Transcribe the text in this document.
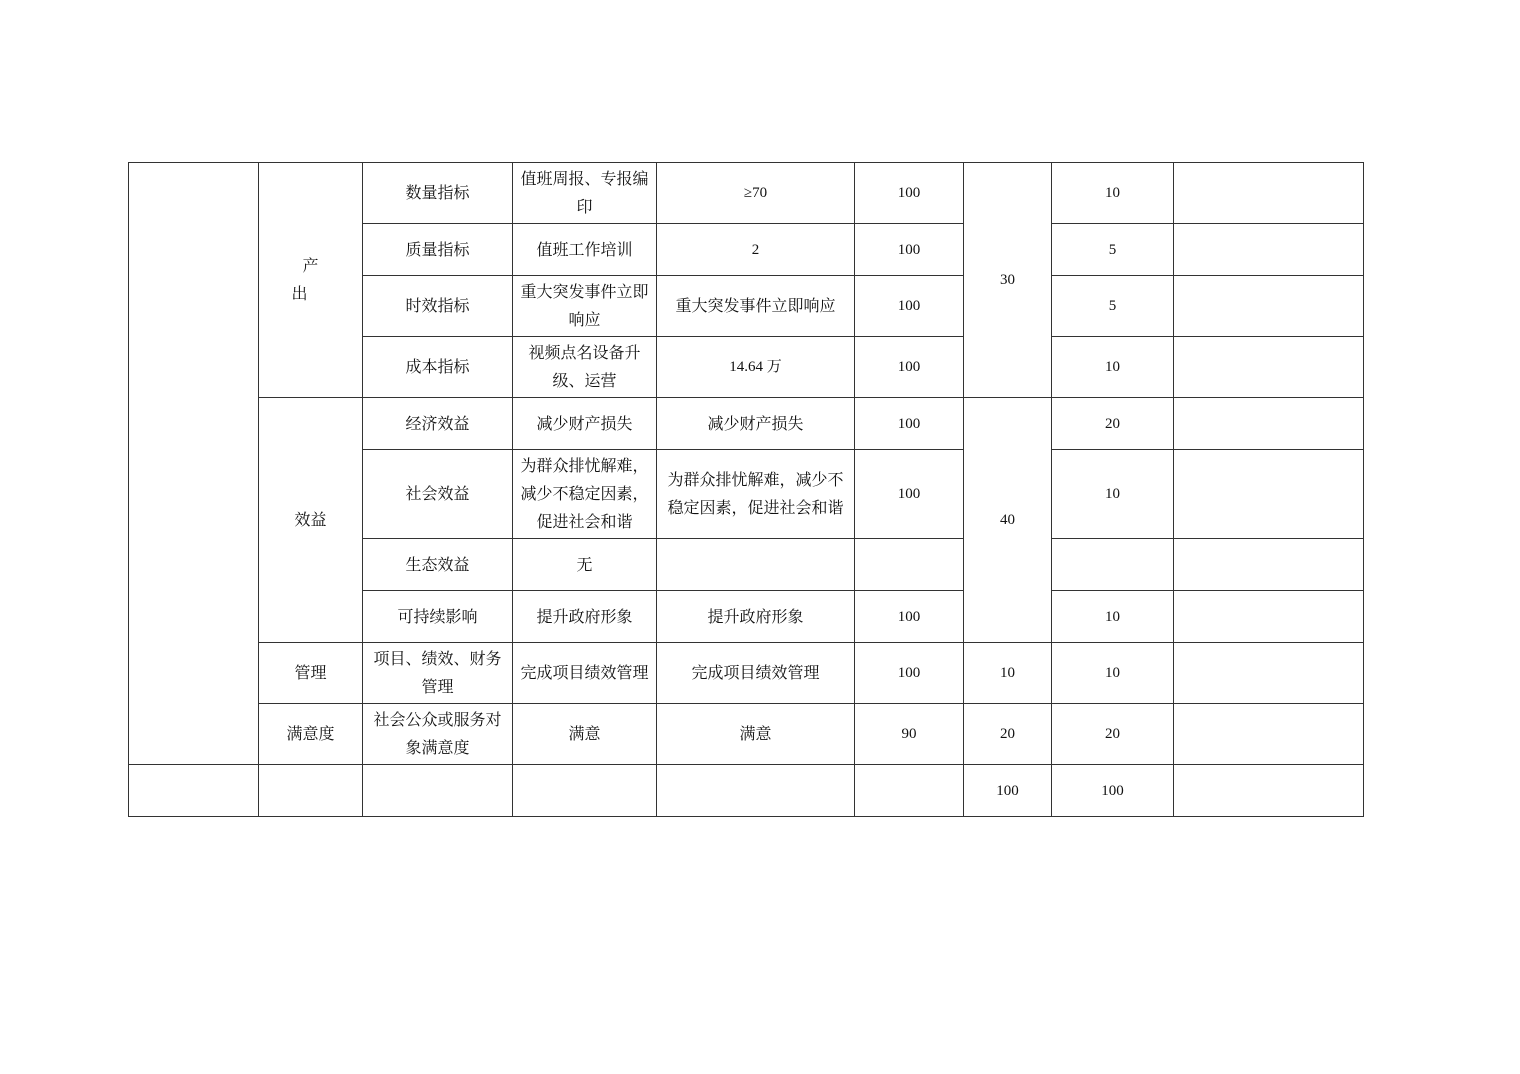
	产 出	数量指标	值班周报、专报编印	≥70	100	30	10	
		质量指标	值班工作培训	2	100		5	
		时效指标	重大突发事件立即响应	重大突发事件立即响应	100		5	
		成本指标	视频点名设备升级、运营	14.64 万	100		10	
	效益	经济效益	减少财产损失	减少财产损失	100	40	20	
		社会效益	为群众排忧解难，减少不稳定因素，促进社会和谐	为群众排忧解难，减少不稳定因素，促进社会和谐	100		10	
		生态效益	无					
		可持续影响	提升政府形象	提升政府形象	100		10	
	管理	项目、绩效、财务管理	完成项目绩效管理	完成项目绩效管理	100	10	10	
	满意度	社会公众或服务对象满意度	满意	满意	90	20	20	
						100	100	
